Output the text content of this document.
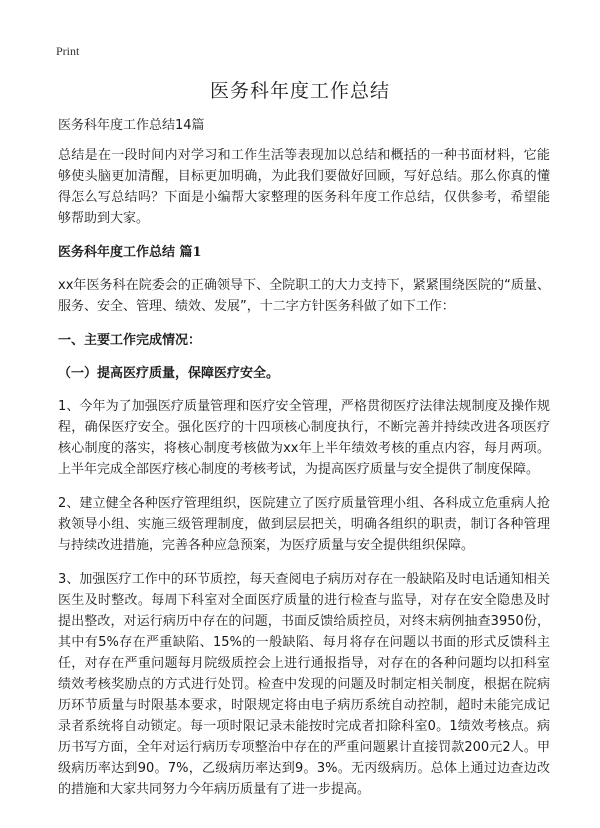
Print
医务科年度工作总结

医务科年度工作总结14篇

总结是在一段时间内对学习和工作生活等表现加以总结和概括的一种书面材料，它能够使头脑更加清醒，目标更加明确，为此我们要做好回顾，写好总结。那么你真的懂得怎么写总结吗？下面是小编帮大家整理的医务科年度工作总结，仅供参考，希望能够帮助到大家。

医务科年度工作总结 篇1

xx年医务科在院委会的正确领导下、全院职工的大力支持下，紧紧围绕医院的“质量、服务、安全、管理、绩效、发展”，十二字方针医务科做了如下工作：

一、主要工作完成情况：

（一）提高医疗质量，保障医疗安全。

1、今年为了加强医疗质量管理和医疗安全管理，严格贯彻医疗法律法规制度及操作规程，确保医疗安全。强化医疗的十四项核心制度执行，不断完善并持续改进各项医疗核心制度的落实，将核心制度考核做为xx年上半年绩效考核的重点内容，每月两项。上半年完成全部医疗核心制度的考核考试，为提高医疗质量与安全提供了制度保障。

2、建立健全各种医疗管理组织，医院建立了医疗质量管理小组、各科成立危重病人抢救领导小组、实施三级管理制度，做到层层把关，明确各组织的职责，制订各种管理与持续改进措施，完善各种应急预案，为医疗质量与安全提供组织保障。

3、加强医疗工作中的环节质控，每天查阅电子病历对存在一般缺陷及时电话通知相关医生及时整改。每周下科室对全面医疗质量的进行检查与监导，对存在安全隐患及时提出整改，对运行病历中存在的问题，书面反馈给质控员，对终末病例抽查3950份，其中有5%存在严重缺陷、15%的一般缺陷、每月将存在问题以书面的形式反馈科主任，对存在严重问题每月院级质控会上进行通报指导，对存在的各种问题均以扣科室绩效考核奖励点的方式进行处罚。检查中发现的问题及时制定相关制度，根据在院病历环节质量与时限基本要求，时限规定将由电子病历系统自动控制，超时未能完成记录者系统将自动锁定。每一项时限记录未能按时完成者扣除科室0。1绩效考核点。病历书写方面，全年对运行病历专项整治中存在的严重问题累计直接罚款200元2人。甲级病历率达到90。7%，乙级病历率达到9。3%。无丙级病历。总体上通过边查边改的措施和大家共同努力今年病历质量有了进一步提高。
